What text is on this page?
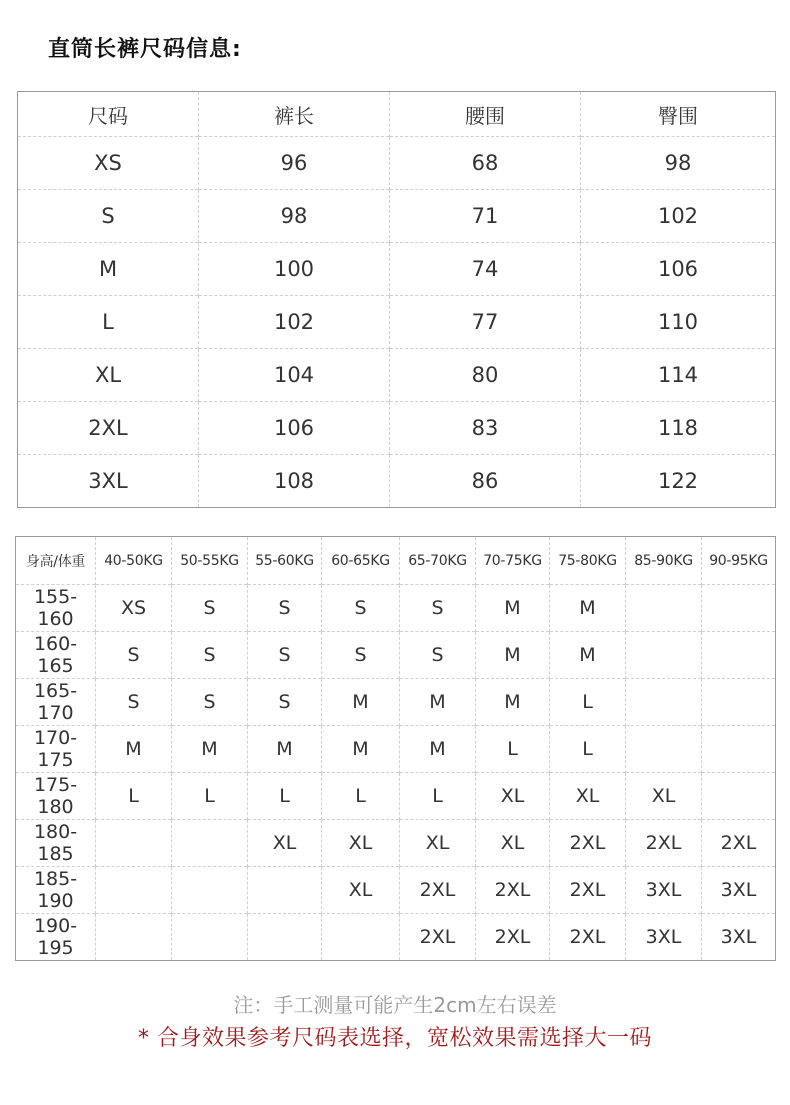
直筒长裤尺码信息:
尺码	裤长	腰围	臀围
XS	96	68	98
S	98	71	102
M	100	74	106
L	102	77	110
XL	104	80	114
2XL	106	83	118
3XL	108	86	122
身高/体重	40-50KG	50-55KG	55-60KG	60-65KG	65-70KG	70-75KG	75-80KG	85-90KG	90-95KG
155-160	XS	S	S	S	S	M	M		
160-165	S	S	S	S	S	M	M		
165-170	S	S	S	M	M	M	L		
170-175	M	M	M	M	M	L	L		
175-180	L	L	L	L	L	XL	XL	XL	
180-185			XL	XL	XL	XL	2XL	2XL	2XL
185-190				XL	2XL	2XL	2XL	3XL	3XL
190-195					2XL	2XL	2XL	3XL	3XL
注：手工测量可能产生2cm左右误差
* 合身效果参考尺码表选择，宽松效果需选择大一码
